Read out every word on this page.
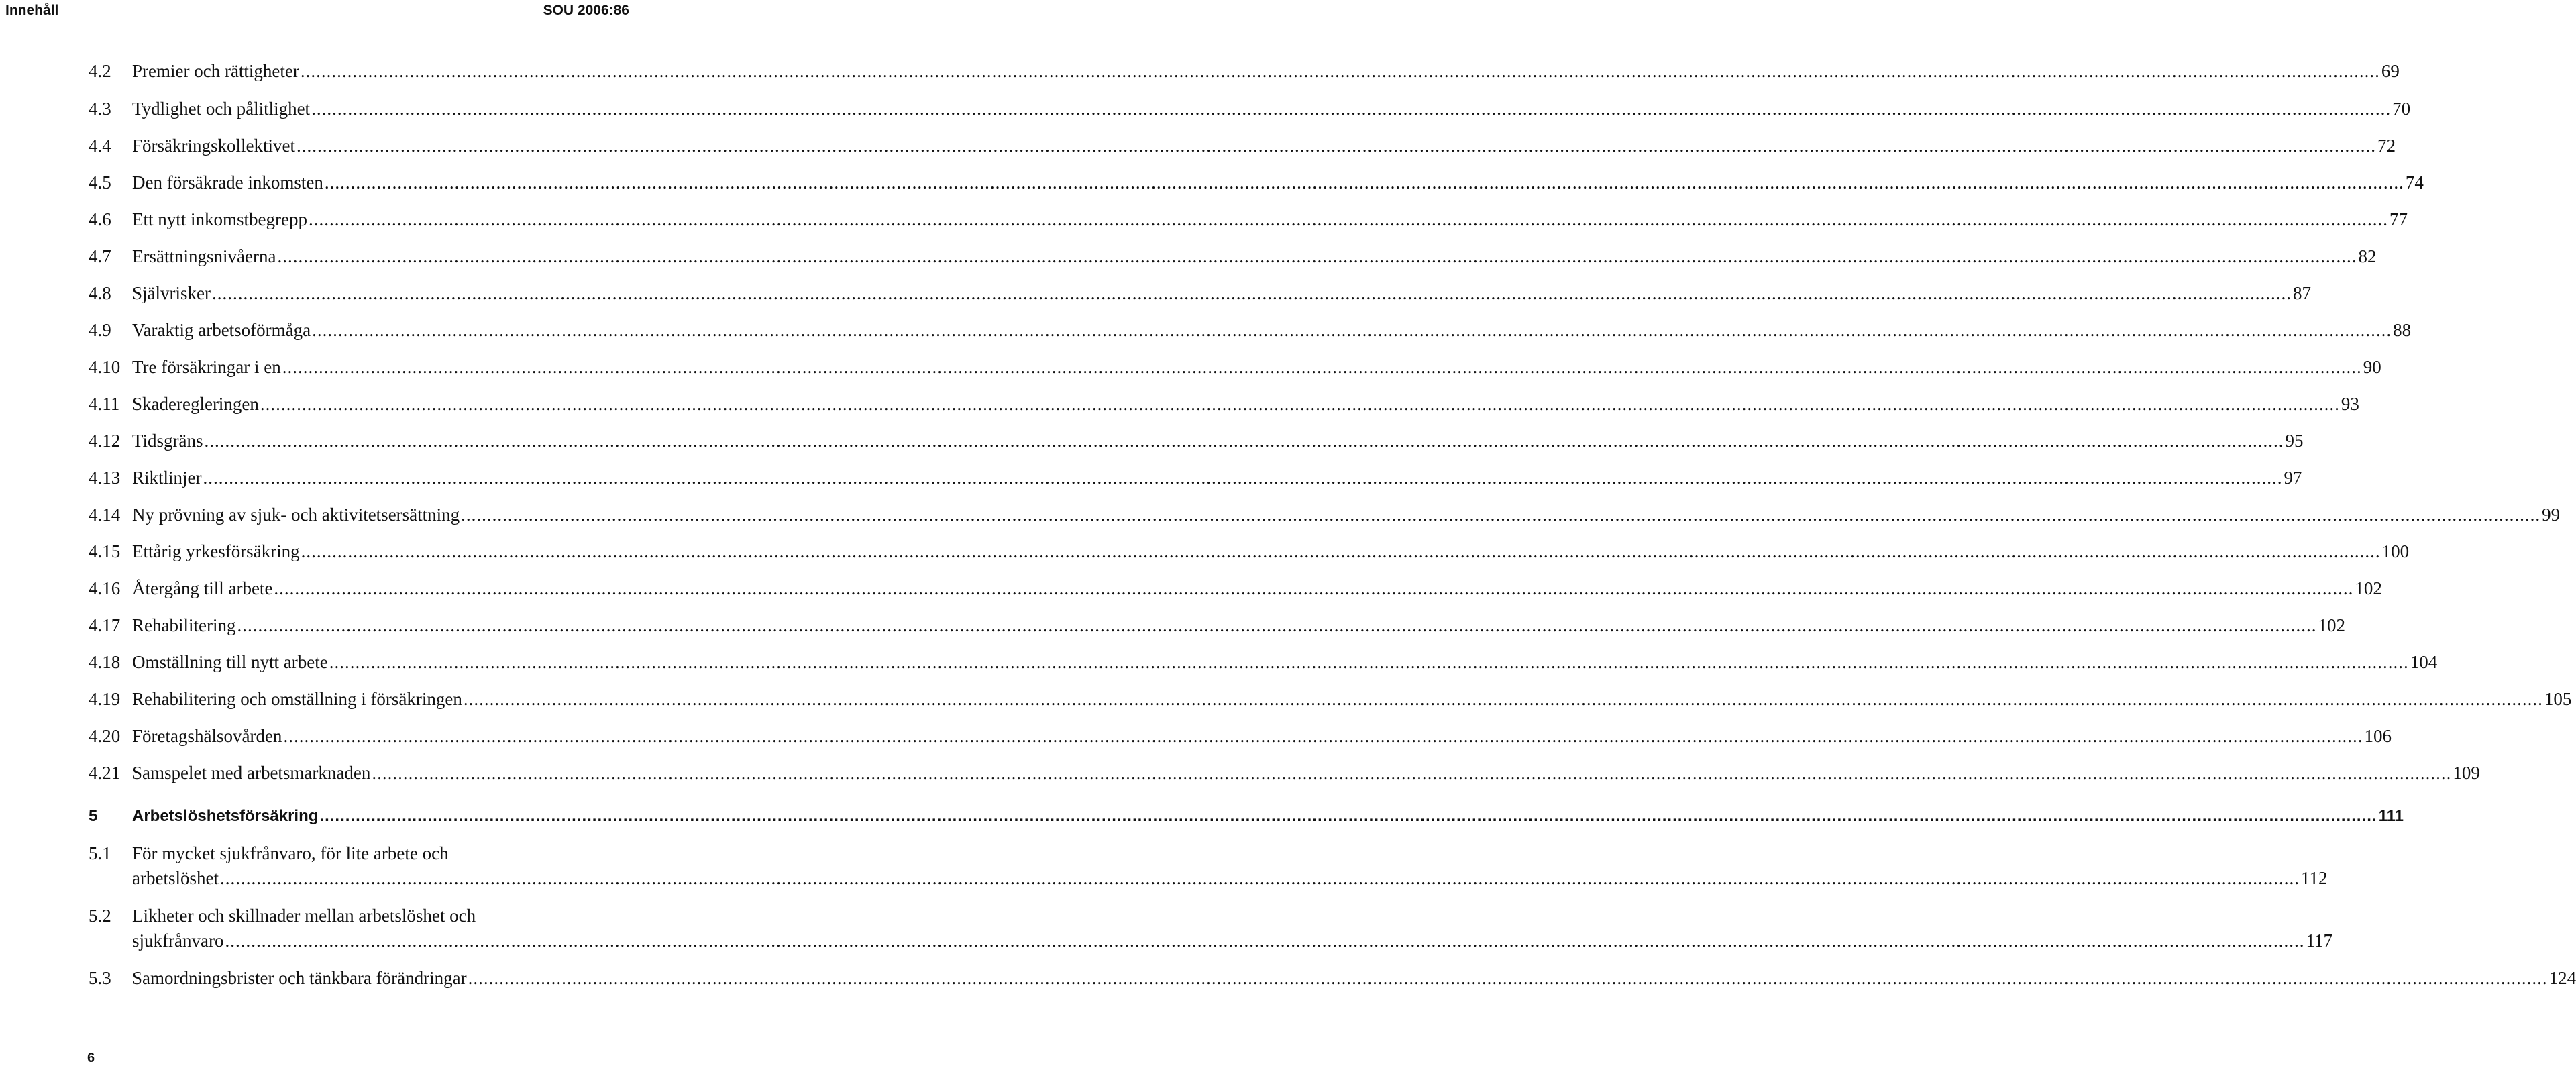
Innehåll	SOU 2006:86
4.2 Premier och rättigheter ................................................................................................................................................................................................................................................................................................................................................................................................................ 69
4.3 Tydlighet och pålitlighet ................................................................................................................................................................................................................................................................................................................................................................................................................ 70
4.4 Försäkringskollektivet ................................................................................................................................................................................................................................................................................................................................................................................................................ 72
4.5 Den försäkrade inkomsten ................................................................................................................................................................................................................................................................................................................................................................................................................ 74
4.6 Ett nytt inkomstbegrepp ................................................................................................................................................................................................................................................................................................................................................................................................................ 77
4.7 Ersättningsnivåerna ................................................................................................................................................................................................................................................................................................................................................................................................................ 82
4.8 Självrisker ................................................................................................................................................................................................................................................................................................................................................................................................................ 87
4.9 Varaktig arbetsoförmåga ................................................................................................................................................................................................................................................................................................................................................................................................................ 88
4.10 Tre försäkringar i en ................................................................................................................................................................................................................................................................................................................................................................................................................ 90
4.11 Skaderegleringen ................................................................................................................................................................................................................................................................................................................................................................................................................ 93
4.12 Tidsgräns ................................................................................................................................................................................................................................................................................................................................................................................................................ 95
4.13 Riktlinjer ................................................................................................................................................................................................................................................................................................................................................................................................................ 97
4.14 Ny prövning av sjuk- och aktivitetsersättning ................................................................................................................................................................................................................................................................................................................................................................................................................ 99
4.15 Ettårig yrkesförsäkring ................................................................................................................................................................................................................................................................................................................................................................................................................ 100
4.16 Återgång till arbete ................................................................................................................................................................................................................................................................................................................................................................................................................ 102
4.17 Rehabilitering ................................................................................................................................................................................................................................................................................................................................................................................................................ 102
4.18 Omställning till nytt arbete ................................................................................................................................................................................................................................................................................................................................................................................................................ 104
4.19 Rehabilitering och omställning i försäkringen ................................................................................................................................................................................................................................................................................................................................................................................................................ 105
4.20 Företagshälsovården ................................................................................................................................................................................................................................................................................................................................................................................................................ 106
4.21 Samspelet med arbetsmarknaden ................................................................................................................................................................................................................................................................................................................................................................................................................ 109
5 Arbetslöshetsförsäkring ................................................................................................................................................................................................................................................................................................................................................................................................................ 111
5.1 För mycket sjukfrånvaro, för lite arbete och
arbetslöshet ................................................................................................................................................................................................................................................................................................................................................................................................................ 112
5.2 Likheter och skillnader mellan arbetslöshet och
sjukfrånvaro ................................................................................................................................................................................................................................................................................................................................................................................................................ 117
5.3 Samordningsbrister och tänkbara förändringar ................................................................................................................................................................................................................................................................................................................................................................................................................ 124
6
